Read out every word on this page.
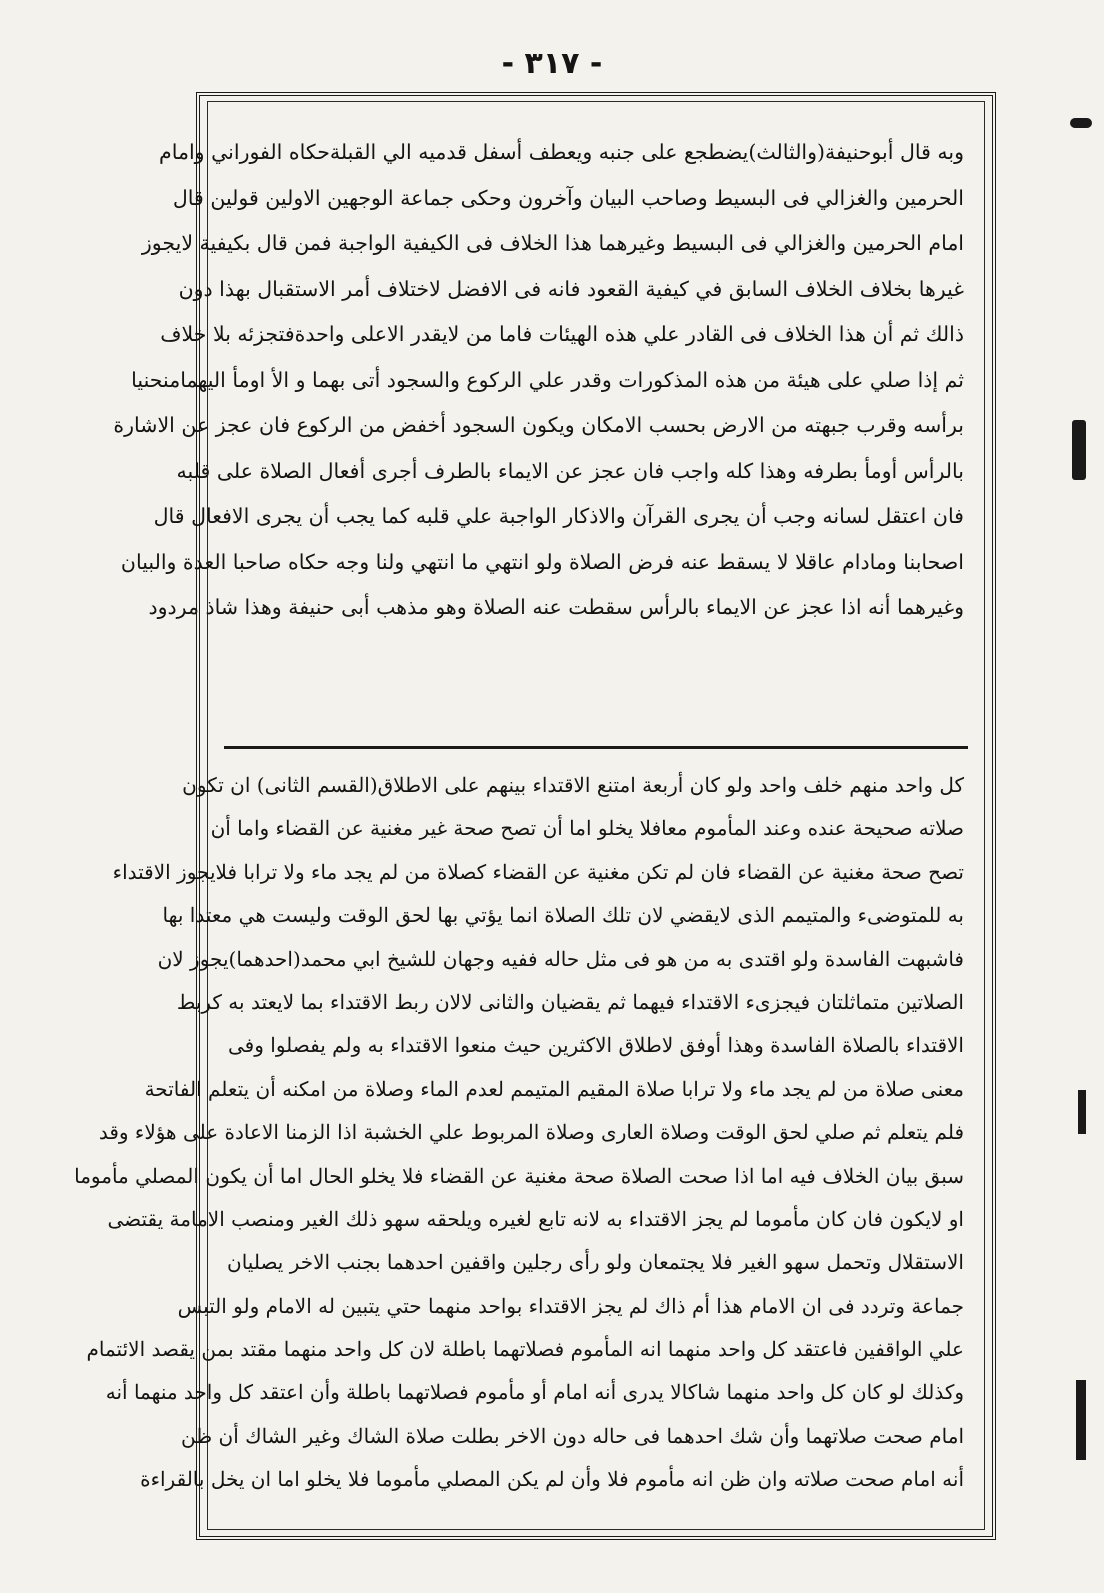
- ٣١٧ -
وبه قال أبوحنيفة(والثالث)يضطجع على جنبه ويعطف أسفل قدميه الي القبلةحكاه الفوراني وامام
الحرمين والغزالي فى البسيط وصاحب البيان وآخرون وحكى جماعة الوجهين الاولين قولين قال
امام الحرمين والغزالي فى البسيط وغيرهما هذا الخلاف فى الكيفية الواجبة فمن قال بكيفية لايجوز
غيرها بخلاف الخلاف السابق في كيفية القعود فانه فى الافضل لاختلاف أمر الاستقبال بهذا دون
ذالك ثم أن هذا الخلاف فى القادر علي هذه الهيئات فاما من لايقدر الاعلى واحدةفتجزئه بلا خلاف
ثم إذا صلي على هيئة من هذه المذكورات وقدر علي الركوع والسجود أتى بهما و الأ اومأ اليهمامنحنيا
برأسه وقرب جبهته من الارض بحسب الامكان ويكون السجود أخفض من الركوع فان عجز عن الاشارة
بالرأس أومأ بطرفه وهذا كله واجب فان عجز عن الايماء بالطرف أجرى أفعال الصلاة على قلبه
فان اعتقل لسانه وجب أن يجرى القرآن والاذكار الواجبة علي قلبه كما يجب أن يجرى الافعال قال
اصحابنا ومادام عاقلا لا يسقط عنه فرض الصلاة ولو انتهي ما انتهي ولنا وجه حكاه صاحبا العدة والبيان
وغيرهما أنه اذا عجز عن الايماء بالرأس سقطت عنه الصلاة وهو مذهب أبى حنيفة وهذا شاذ مردود
كل واحد منهم خلف واحد ولو كان أربعة امتنع الاقتداء بينهم على الاطلاق(القسم الثانى) ان تكون
صلاته صحيحة عنده وعند المأموم معافلا يخلو اما أن تصح صحة غير مغنية عن القضاء واما أن
تصح صحة مغنية عن القضاء فان لم تكن مغنية عن القضاء كصلاة من لم يجد ماء ولا ترابا فلايجوز الاقتداء
به للمتوضىء والمتيمم الذى لايقضي لان تلك الصلاة انما يؤتي بها لحق الوقت وليست هي معتدا بها
فاشبهت الفاسدة ولو اقتدى به من هو فى مثل حاله ففيه وجهان للشيخ ابي محمد(احدهما)يجوز لان
الصلاتين متماثلتان فيجزىء الاقتداء فيهما ثم يقضيان والثانى لالان ربط الاقتداء بما لايعتد به كربط
الاقتداء بالصلاة الفاسدة وهذا أوفق لاطلاق الاكثرين حيث منعوا الاقتداء به ولم يفصلوا وفى
معنى صلاة من لم يجد ماء ولا ترابا صلاة المقيم المتيمم لعدم الماء وصلاة من امكنه أن يتعلم الفاتحة
فلم يتعلم ثم صلي لحق الوقت وصلاة العارى وصلاة المربوط علي الخشبة اذا الزمنا الاعادة على هؤلاء وقد
سبق بيان الخلاف فيه اما اذا صحت الصلاة صحة مغنية عن القضاء فلا يخلو الحال اما أن يكون المصلي مأموما
او لايكون فان كان مأموما لم يجز الاقتداء به لانه تابع لغيره ويلحقه سهو ذلك الغير ومنصب الامامة يقتضى
الاستقلال وتحمل سهو الغير فلا يجتمعان ولو رأى رجلين واقفين احدهما بجنب الاخر يصليان
جماعة وتردد فى ان الامام هذا أم ذاك لم يجز الاقتداء بواحد منهما حتي يتبين له الامام ولو التبس
علي الواقفين فاعتقد كل واحد منهما انه المأموم فصلاتهما باطلة لان كل واحد منهما مقتد بمن يقصد الائتمام
وكذلك لو كان كل واحد منهما شاكالا يدرى أنه امام أو مأموم فصلاتهما باطلة وأن اعتقد كل واحد منهما أنه
امام صحت صلاتهما وأن شك احدهما فى حاله دون الاخر بطلت صلاة الشاك وغير الشاك أن ظن
أنه امام صحت صلاته وان ظن انه مأموم فلا وأن لم يكن المصلي مأموما فلا يخلو اما ان يخل بالقراءة
